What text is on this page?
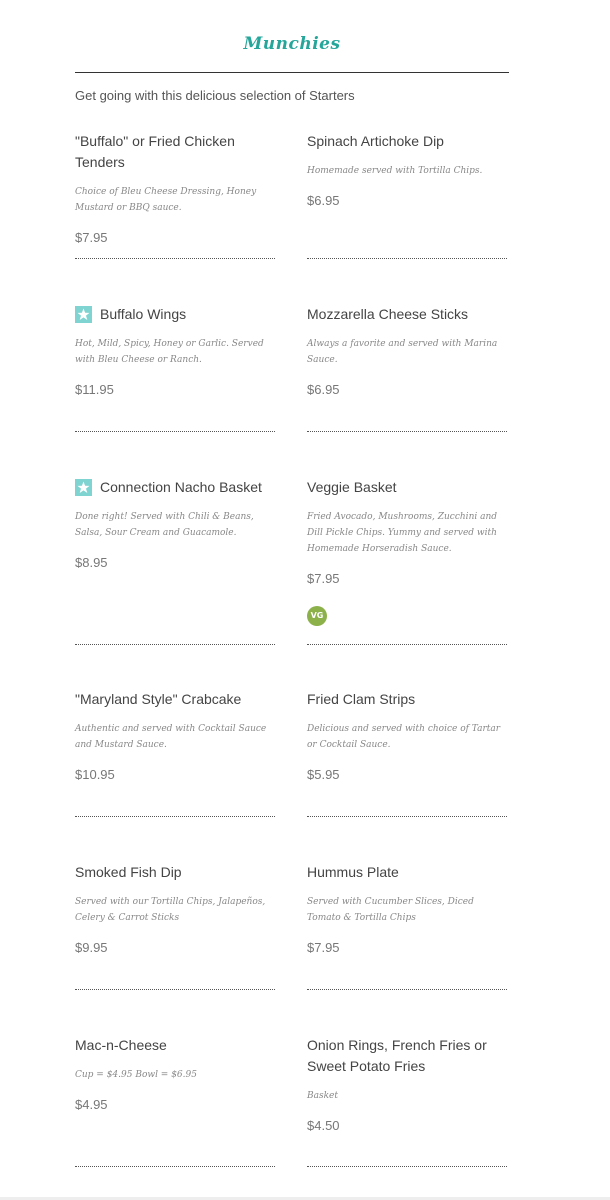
Munchies
Get going with this delicious selection of Starters
"Buffalo" or Fried Chicken Tenders
Choice of Bleu Cheese Dressing, Honey Mustard or BBQ sauce.
$7.95
Spinach Artichoke Dip
Homemade served with Tortilla Chips.
$6.95
Buffalo Wings
Hot, Mild, Spicy, Honey or Garlic. Served with Bleu Cheese or Ranch.
$11.95
Mozzarella Cheese Sticks
Always a favorite and served with Marina Sauce.
$6.95
Connection Nacho Basket
Done right! Served with Chili & Beans, Salsa, Sour Cream and Guacamole.
$8.95
Veggie Basket
Fried Avocado, Mushrooms, Zucchini and Dill Pickle Chips. Yummy and served with Homemade Horseradish Sauce.
$7.95
VG
"Maryland Style" Crabcake
Authentic and served with Cocktail Sauce and Mustard Sauce.
$10.95
Fried Clam Strips
Delicious and served with choice of Tartar or Cocktail Sauce.
$5.95
Smoked Fish Dip
Served with our Tortilla Chips, Jalapeños, Celery & Carrot Sticks
$9.95
Hummus Plate
Served with Cucumber Slices, Diced Tomato & Tortilla Chips
$7.95
Mac-n-Cheese
Cup = $4.95 Bowl = $6.95
$4.95
Onion Rings, French Fries or Sweet Potato Fries
Basket
$4.50
